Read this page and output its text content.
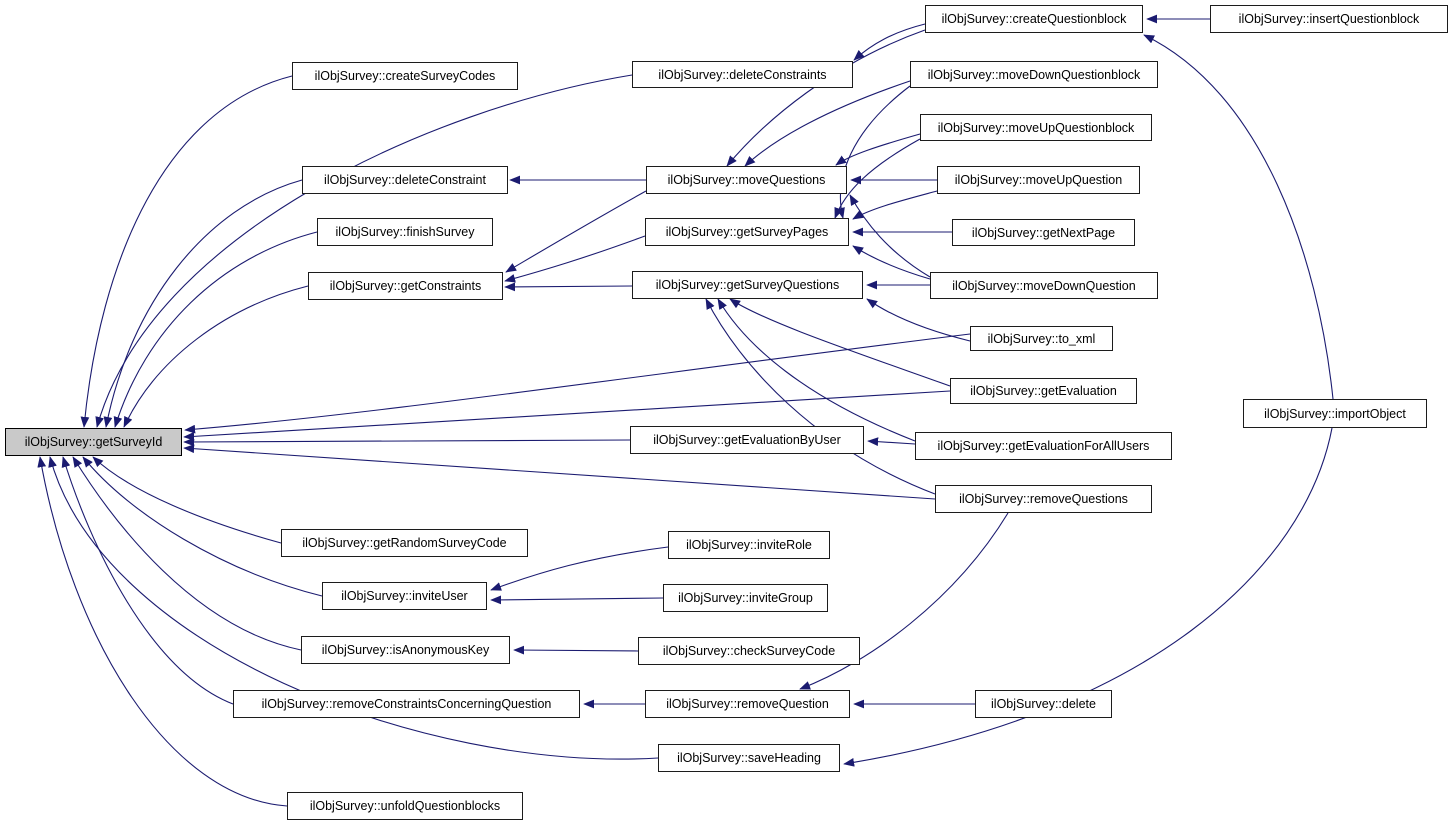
ilObjSurvey::getSurveyId
ilObjSurvey::createSurveyCodes
ilObjSurvey::deleteConstraint
ilObjSurvey::finishSurvey
ilObjSurvey::getConstraints
ilObjSurvey::getRandomSurveyCode
ilObjSurvey::inviteUser
ilObjSurvey::isAnonymousKey
ilObjSurvey::removeConstraintsConcerningQuestion
ilObjSurvey::unfoldQuestionblocks
ilObjSurvey::deleteConstraints
ilObjSurvey::moveQuestions
ilObjSurvey::getSurveyPages
ilObjSurvey::getSurveyQuestions
ilObjSurvey::getEvaluationByUser
ilObjSurvey::inviteRole
ilObjSurvey::inviteGroup
ilObjSurvey::checkSurveyCode
ilObjSurvey::removeQuestion
ilObjSurvey::saveHeading
ilObjSurvey::createQuestionblock	ilObjSurvey::insertQuestionblock
ilObjSurvey::moveDownQuestionblock
ilObjSurvey::moveUpQuestionblock
ilObjSurvey::moveUpQuestion
ilObjSurvey::getNextPage
ilObjSurvey::moveDownQuestion
ilObjSurvey::to_xml
ilObjSurvey::getEvaluation
ilObjSurvey::getEvaluationForAllUsers
ilObjSurvey::removeQuestions
ilObjSurvey::delete
ilObjSurvey::importObject
